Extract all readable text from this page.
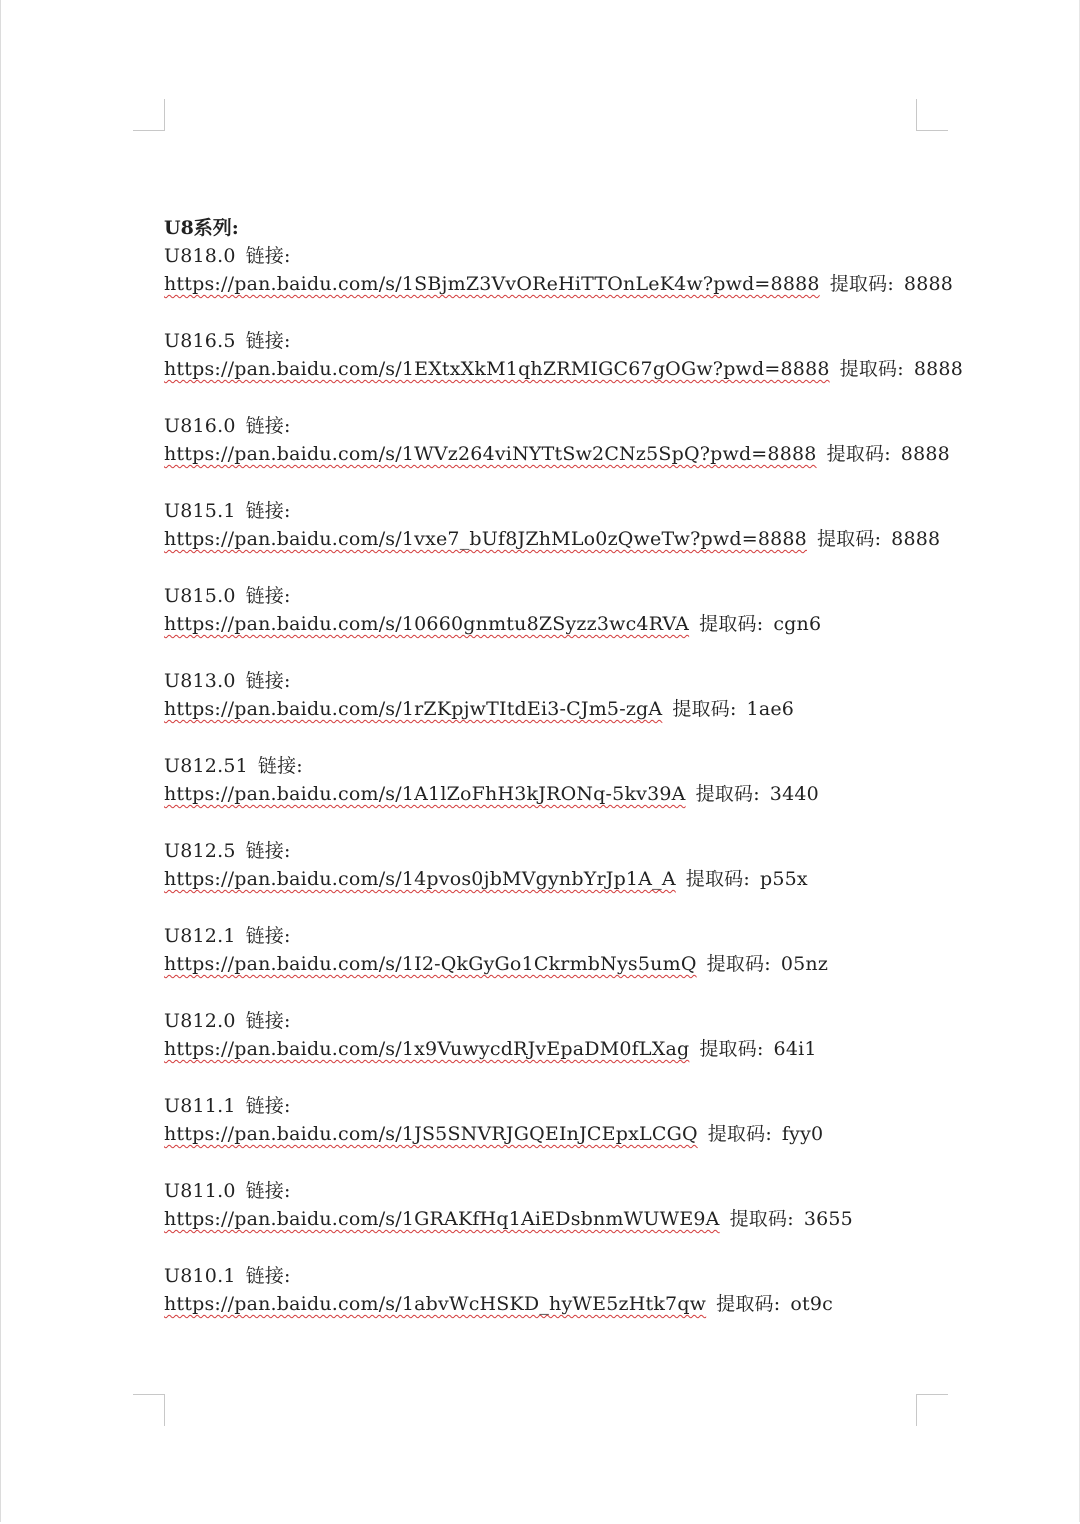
U8系列:
U818.0 链接:
https://pan.baidu.com/s/1SBjmZ3VvOReHiTTOnLeK4w?pwd=8888 提取码: 8888
U816.5 链接:
https://pan.baidu.com/s/1EXtxXkM1qhZRMIGC67gOGw?pwd=8888 提取码: 8888
U816.0 链接:
https://pan.baidu.com/s/1WVz264viNYTtSw2CNz5SpQ?pwd=8888 提取码: 8888
U815.1 链接:
https://pan.baidu.com/s/1vxe7_bUf8JZhMLo0zQweTw?pwd=8888 提取码: 8888
U815.0 链接:
https://pan.baidu.com/s/10660gnmtu8ZSyzz3wc4RVA 提取码: cgn6
U813.0 链接:
https://pan.baidu.com/s/1rZKpjwTItdEi3-CJm5-zgA 提取码: 1ae6
U812.51 链接:
https://pan.baidu.com/s/1A1lZoFhH3kJRONq-5kv39A 提取码: 3440
U812.5 链接:
https://pan.baidu.com/s/14pvos0jbMVgynbYrJp1A_A 提取码: p55x
U812.1 链接:
https://pan.baidu.com/s/1I2-QkGyGo1CkrmbNys5umQ 提取码: 05nz
U812.0 链接:
https://pan.baidu.com/s/1x9VuwycdRJvEpaDM0fLXag 提取码: 64i1
U811.1 链接:
https://pan.baidu.com/s/1JS5SNVRJGQEInJCEpxLCGQ 提取码: fyy0
U811.0 链接:
https://pan.baidu.com/s/1GRAKfHq1AiEDsbnmWUWE9A 提取码: 3655
U810.1 链接:
https://pan.baidu.com/s/1abvWcHSKD_hyWE5zHtk7qw 提取码: ot9c
